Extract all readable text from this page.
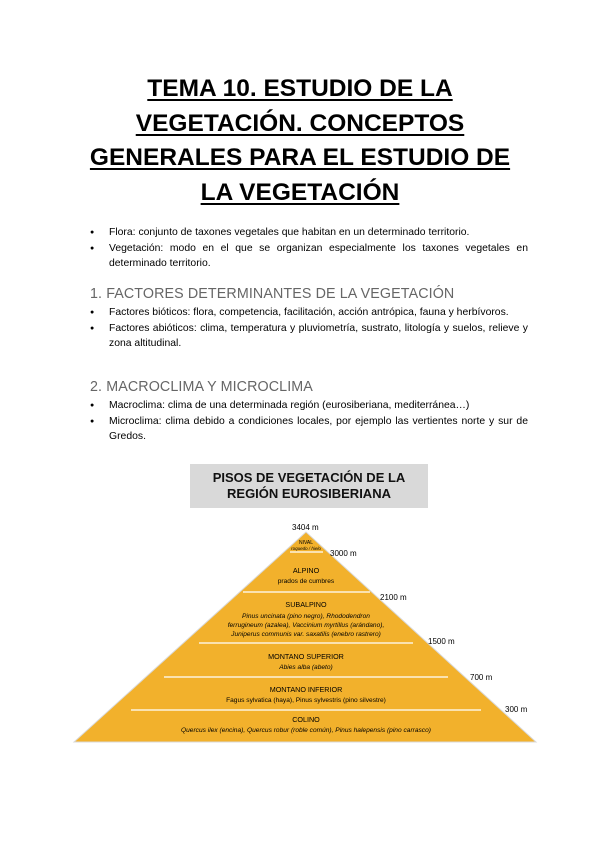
TEMA 10. ESTUDIO DE LA
VEGETACIÓN. CONCEPTOS
GENERALES PARA EL ESTUDIO DE
LA VEGETACIÓN
● Flora: conjunto de taxones vegetales que habitan en un determinado territorio.
● Vegetación: modo en el que se organizan especialmente los taxones vegetales en determinado territorio.
1. FACTORES DETERMINANTES DE LA VEGETACIÓN
● Factores bióticos: flora, competencia, facilitación, acción antrópica, fauna y herbívoros.
● Factores abióticos: clima, temperatura y pluviometría, sustrato, litología y suelos, relieve y zona altitudinal.
2. MACROCLIMA Y MICROCLIMA
● Macroclima: clima de una determinada región (eurosiberiana, mediterránea…)
● Microclima: clima debido a condiciones locales, por ejemplo las vertientes norte y sur de Gredos.
PISOS DE VEGETACIÓN DE LA
REGIÓN EUROSIBERIANA
3404 m
3000 m
2100 m
1500 m
700 m
300 m
NIVAL
roquedo / hielo
ALPINO
prados de cumbres
SUBALPINO
Pinus uncinata (pino negro), Rhododendron
ferrugineum (azalea), Vaccinium myrtillus (arándano),
Juniperus communis var. saxatilis (enebro rastrero)
MONTANO SUPERIOR
Abies alba (abeto)
MONTANO INFERIOR
Fagus sylvatica (haya), Pinus sylvestris (pino silvestre)
COLINO
Quercus ilex (encina), Quercus robur (roble común), Pinus halepensis (pino carrasco)
